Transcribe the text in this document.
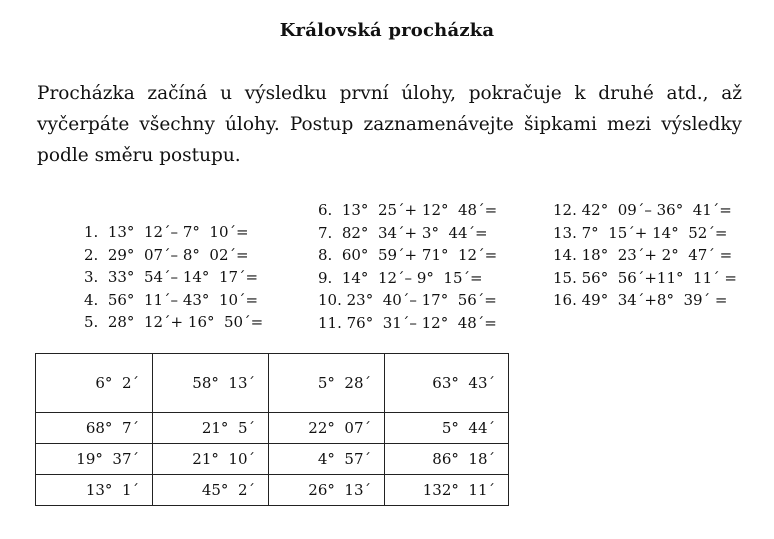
Královská procházka

Procházka začíná u výsledku první úlohy, pokračuje k druhé atd., až vyčerpáte všechny úlohy. Postup zaznamenávejte šipkami mezi výsledky podle směru postupu.

1.  13°  12´– 7°  10´=
2.  29°  07´– 8°  02´=
3.  33°  54´– 14°  17´=
4.  56°  11´– 43°  10´=
5.  28°  12´+ 16°  50´=
6.  13°  25´+ 12°  48´=
7.  82°  34´+ 3°  44´=
8.  60°  59´+ 71°  12´=
9.  14°  12´– 9°  15´=
10. 23°  40´– 17°  56´=
11. 76°  31´– 12°  48´=
12. 42°  09´– 36°  41´=
13. 7°  15´+ 14°  52´=
14. 18°  23´+ 2°  47´ =
15. 56°  56´+11°  11´ =
16. 49°  34´+8°  39´ =
6°  2´	58°  13´	5°  28´	63°  43´
68°  7´	21°  5´	22°  07´	5°  44´
19°  37´	21°  10´	4°  57´	86°  18´
13°  1´	45°  2´	26°  13´	132°  11´
